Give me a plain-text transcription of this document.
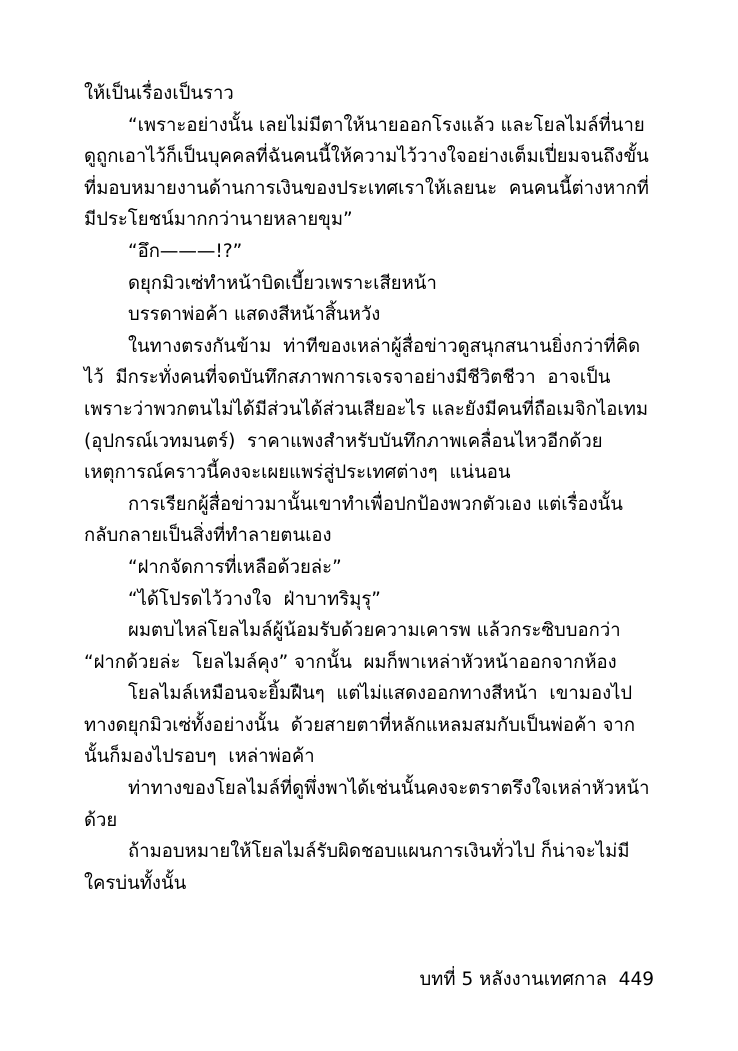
ให้เป็นเรื่องเป็นราว

“เพราะอย่างนั้น เลยไม่มีตาให้นายออกโรงแล้ว และโยลไมล์ที่นายดูถูกเอาไว้ก็เป็นบุคคลที่ฉันคนนี้ให้ความไว้วางใจอย่างเต็มเปี่ยมจนถึงขั้นที่มอบหมายงานด้านการเงินของประเทศเราให้เลยนะ  คนคนนี้ต่างหากที่มีประโยชน์มากกว่านายหลายขุม”

“อึก———!?”

ดยุกมิวเซ่ทำหน้าบิดเบี้ยวเพราะเสียหน้า

บรรดาพ่อค้า แสดงสีหน้าสิ้นหวัง

ในทางตรงกันข้าม  ท่าทีของเหล่าผู้สื่อข่าวดูสนุกสนานยิ่งกว่าที่คิดไว้  มีกระทั่งคนที่จดบันทึกสภาพการเจรจาอย่างมีชีวิตชีวา  อาจเป็นเพราะว่าพวกตนไม่ได้มีส่วนได้ส่วนเสียอะไร และยังมีคนที่ถือเมจิกไอเทม (อุปกรณ์เวทมนตร์)  ราคาแพงสำหรับบันทึกภาพเคลื่อนไหวอีกด้วย เหตุการณ์คราวนี้คงจะเผยแพร่สู่ประเทศต่างๆ  แน่นอน

การเรียกผู้สื่อข่าวมานั้นเขาทำเพื่อปกป้องพวกตัวเอง แต่เรื่องนั้นกลับกลายเป็นสิ่งที่ทำลายตนเอง

“ฝากจัดการที่เหลือด้วยล่ะ”

“ได้โปรดไว้วางใจ  ฝ่าบาทริมุรุ”

ผมตบไหล่โยลไมล์ผู้น้อมรับด้วยความเคารพ แล้วกระซิบบอกว่า “ฝากด้วยล่ะ  โยลไมล์คุง” จากนั้น  ผมก็พาเหล่าหัวหน้าออกจากห้อง

โยลไมล์เหมือนจะยิ้มฝืนๆ  แต่ไม่แสดงออกทางสีหน้า  เขามองไปทางดยุกมิวเซ่ทั้งอย่างนั้น  ด้วยสายตาที่หลักแหลมสมกับเป็นพ่อค้า จากนั้นก็มองไปรอบๆ  เหล่าพ่อค้า

ท่าทางของโยลไมล์ที่ดูพึ่งพาได้เช่นนั้นคงจะตราตรึงใจเหล่าหัวหน้าด้วย

ถ้ามอบหมายให้โยลไมล์รับผิดชอบแผนการเงินทั่วไป ก็น่าจะไม่มีใครบ่นทั้งนั้น

บทที่ 5 หลังงานเทศกาล  449
